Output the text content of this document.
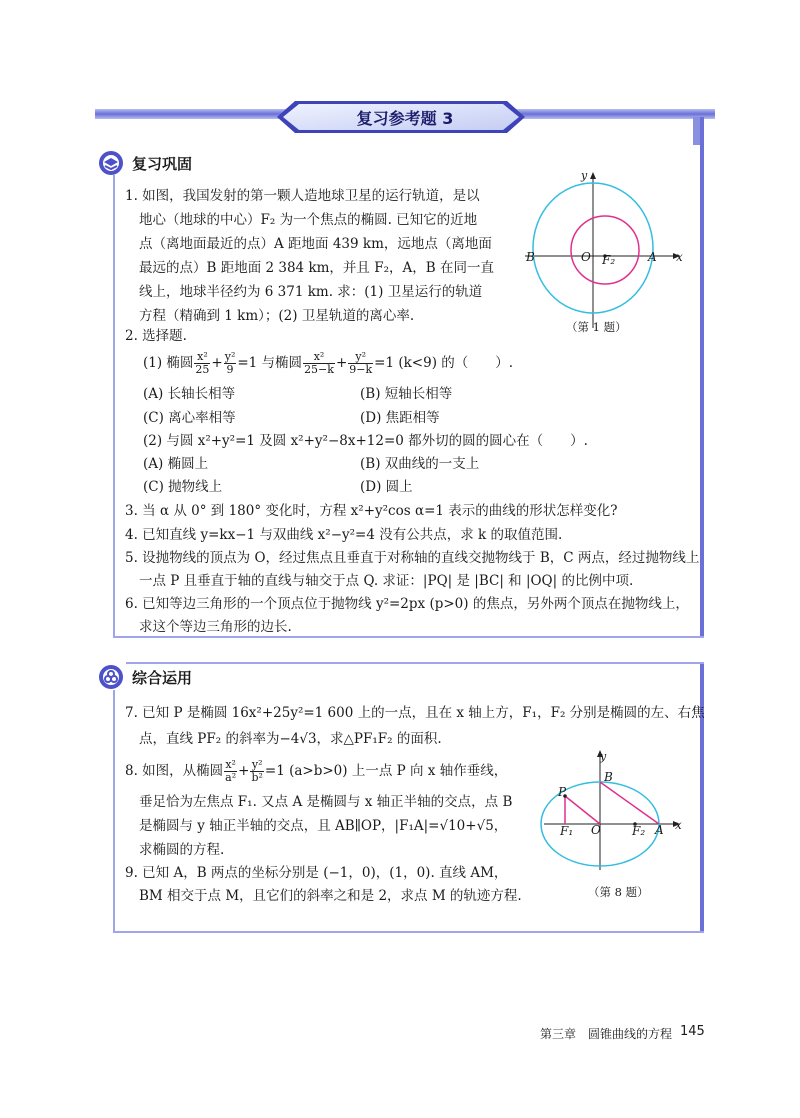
复习参考题 3
复习巩固
1. 如图，我国发射的第一颗人造地球卫星的运行轨道，是以
地心（地球的中心）F₂ 为一个焦点的椭圆. 已知它的近地
点（离地面最近的点）A 距地面 439 km，远地点（离地面
最远的点）B 距地面 2 384 km，并且 F₂，A，B 在同一直
线上，地球半径约为 6 371 km. 求：(1) 卫星运行的轨道
方程（精确到 1 km）；(2) 卫星轨道的离心率.
y
x
B	O F₂	A
（第 1 题）
2. 选择题.
(1) 椭圆 $\frac{\text{x²}}{25} + \frac{\text{y²}}{9} =1$ 与椭圆 $\frac{\text{x²}}{25-k} + \frac{\text{y²}}{9-k} =1$ (k<9) 的（　　）.
(A) 长轴长相等	(B) 短轴长相等
(C) 离心率相等	(D) 焦距相等
(2) 与圆 x²+y²=1 及圆 x²+y²−8x+12=0 都外切的圆的圆心在（　　）.
(A) 椭圆上	(B) 双曲线的一支上
(C) 抛物线上	(D) 圆上
3. 当 α 从 0° 到 180° 变化时，方程 x²+y²cos α=1 表示的曲线的形状怎样变化?
4. 已知直线 y=kx−1 与双曲线 x²−y²=4 没有公共点，求 k 的取值范围.
5. 设抛物线的顶点为 O，经过焦点且垂直于对称轴的直线交抛物线于 B，C 两点，经过抛物线上
一点 P 且垂直于轴的直线与轴交于点 Q. 求证：|PQ| 是 |BC| 和 |OQ| 的比例中项.
6. 已知等边三角形的一个顶点位于抛物线 y²=2px (p>0) 的焦点，另外两个顶点在抛物线上，
求这个等边三角形的边长.
综合运用
7. 已知 P 是椭圆 16x²+25y²=1 600 上的一点，且在 x 轴上方，F₁，F₂ 分别是椭圆的左、右焦
点，直线 PF₂ 的斜率为−4√3，求△PF₁F₂ 的面积.
8. 如图，从椭圆 $\frac{\text{x²}}{\text{a²}} + \frac{\text{y²}}{\text{b²}} =1$ (a>b>0) 上一点 P 向 x 轴作垂线，
垂足恰为左焦点 F₁. 又点 A 是椭圆与 x 轴正半轴的交点，点 B
是椭圆与 y 轴正半轴的交点，且 AB∥OP，|F₁A|=√10+√5，
求椭圆的方程.
9. 已知 A，B 两点的坐标分别是 (−1，0)，(1，0). 直线 AM，
BM 相交于点 M，且它们的斜率之和是 2，求点 M 的轨迹方程.
y
x
P
B
F₁ O	F₂ A
（第 8 题）
第三章　圆锥曲线的方程 145
